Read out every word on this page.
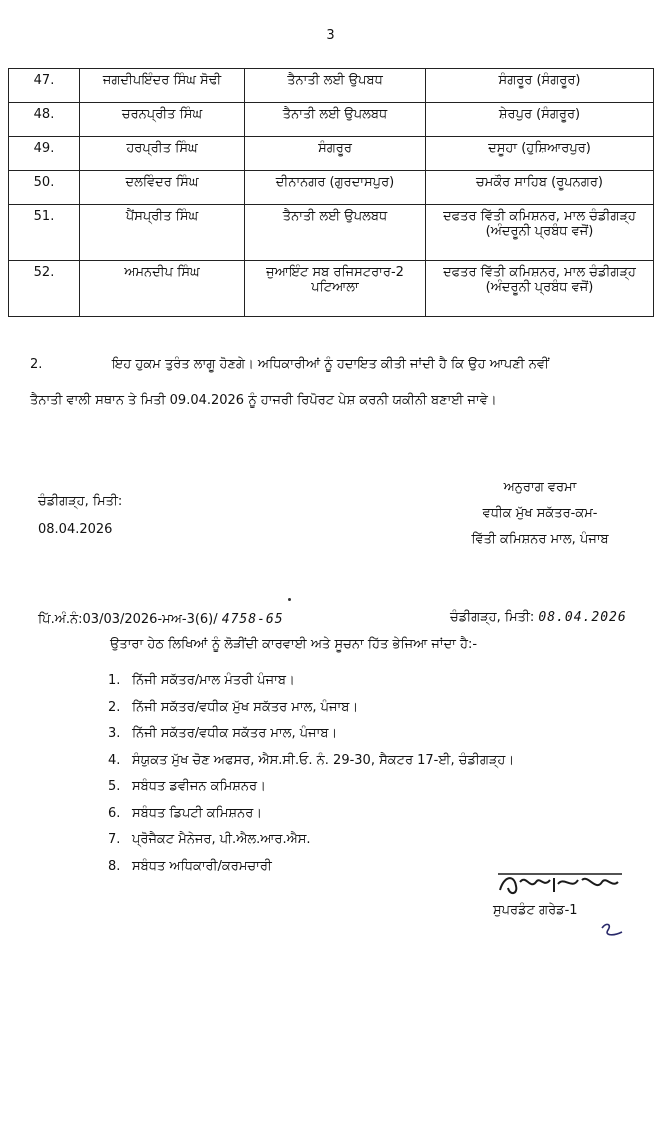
3
47.	ਜਗਦੀਪਇੰਦਰ ਸਿੰਘ ਸੋਢੀ	ਤੈਨਾਤੀ ਲਈ ਉਪਬਧ	ਸੰਗਰੂਰ (ਸੰਗਰੂਰ)
48.	ਚਰਨਪ੍ਰੀਤ ਸਿੰਘ	ਤੈਨਾਤੀ ਲਈ ਉਪਲਬਧ	ਸ਼ੇਰਪੁਰ (ਸੰਗਰੂਰ)
49.	ਹਰਪ੍ਰੀਤ ਸਿੰਘ	ਸੰਗਰੂਰ	ਦਸੂਹਾ (ਹੁਸ਼ਿਆਰਪੁਰ)
50.	ਦਲਵਿੰਦਰ ਸਿੰਘ	ਦੀਨਾਨਗਰ (ਗੁਰਦਾਸਪੁਰ)	ਚਮਕੌਰ ਸਾਹਿਬ (ਰੂਪਨਗਰ)
51.	ਪੈਂਸਪ੍ਰੀਤ ਸਿੰਘ	ਤੈਨਾਤੀ ਲਈ ਉਪਲਬਧ	ਦਫਤਰ ਵਿੱਤੀ ਕਮਿਸ਼ਨਰ, ਮਾਲ ਚੰਡੀਗੜ੍ਹ (ਅੰਦਰੂਨੀ ਪ੍ਰਬੰਧ ਵਜੋਂ)
52.	ਅਮਨਦੀਪ ਸਿੰਘ	ਜੁਆਇੰਟ ਸਬ ਰਜਿਸਟਰਾਰ-2 ਪਟਿਆਲਾ	ਦਫਤਰ ਵਿੱਤੀ ਕਮਿਸ਼ਨਰ, ਮਾਲ ਚੰਡੀਗੜ੍ਹ (ਅੰਦਰੂਨੀ ਪ੍ਰਬੰਧ ਵਜੋਂ)
2.	ਇਹ ਹੁਕਮ ਤੁਰੰਤ ਲਾਗੂ ਹੋਣਗੇ। ਅਧਿਕਾਰੀਆਂ ਨੂੰ ਹਦਾਇਤ ਕੀਤੀ ਜਾਂਦੀ ਹੈ ਕਿ ਉਹ ਆਪਣੀ ਨਵੀਂ
ਤੈਨਾਤੀ ਵਾਲੀ ਸਥਾਨ ਤੇ ਮਿਤੀ 09.04.2026 ਨੂੰ ਹਾਜਰੀ ਰਿਪੋਰਟ ਪੇਸ਼ ਕਰਨੀ ਯਕੀਨੀ ਬਣਾਈ ਜਾਵੇ।
ਚੰਡੀਗੜ੍ਹ, ਮਿਤੀ:
08.04.2026
ਅਨੁਰਾਗ ਵਰਮਾ
ਵਧੀਕ ਮੁੱਖ ਸਕੱਤਰ-ਕਮ-
ਵਿੱਤੀ ਕਮਿਸ਼ਨਰ ਮਾਲ, ਪੰਜਾਬ
ਪਿੱ.ਅੰ.ਨੰ:03/03/2026-ਮਅ-3(6)/ 4758-65	ਚੰਡੀਗੜ੍ਹ, ਮਿਤੀ: 08.04.2026
ਉਤਾਰਾ ਹੇਠ ਲਿਖਿਆਂ ਨੂੰ ਲੋੜੀਂਦੀ ਕਾਰਵਾਈ ਅਤੇ ਸੂਚਨਾ ਹਿੱਤ ਭੇਜਿਆ ਜਾਂਦਾ ਹੈ:-
1. ਨਿੱਜੀ ਸਕੱਤਰ/ਮਾਲ ਮੰਤਰੀ ਪੰਜਾਬ।
2. ਨਿੱਜੀ ਸਕੱਤਰ/ਵਧੀਕ ਮੁੱਖ ਸਕੱਤਰ ਮਾਲ, ਪੰਜਾਬ।
3. ਨਿੱਜੀ ਸਕੱਤਰ/ਵਧੀਕ ਸਕੱਤਰ ਮਾਲ, ਪੰਜਾਬ।
4. ਸੰਯੁਕਤ ਮੁੱਖ ਚੋਣ ਅਫਸਰ, ਐਸ.ਸੀ.ਓ. ਨੰ. 29-30, ਸੈਕਟਰ 17-ਈ, ਚੰਡੀਗੜ੍ਹ।
5. ਸਬੰਧਤ ਡਵੀਜਨ ਕਮਿਸ਼ਨਰ।
6. ਸਬੰਧਤ ਡਿਪਟੀ ਕਮਿਸ਼ਨਰ।
7. ਪ੍ਰੋਜੈਕਟ ਮੈਨੇਜਰ, ਪੀ.ਐਲ.ਆਰ.ਐਸ.
8. ਸਬੰਧਤ ਅਧਿਕਾਰੀ/ਕਰਮਚਾਰੀ
ਸੁਪਰਡੰਟ ਗਰੇਡ-1
